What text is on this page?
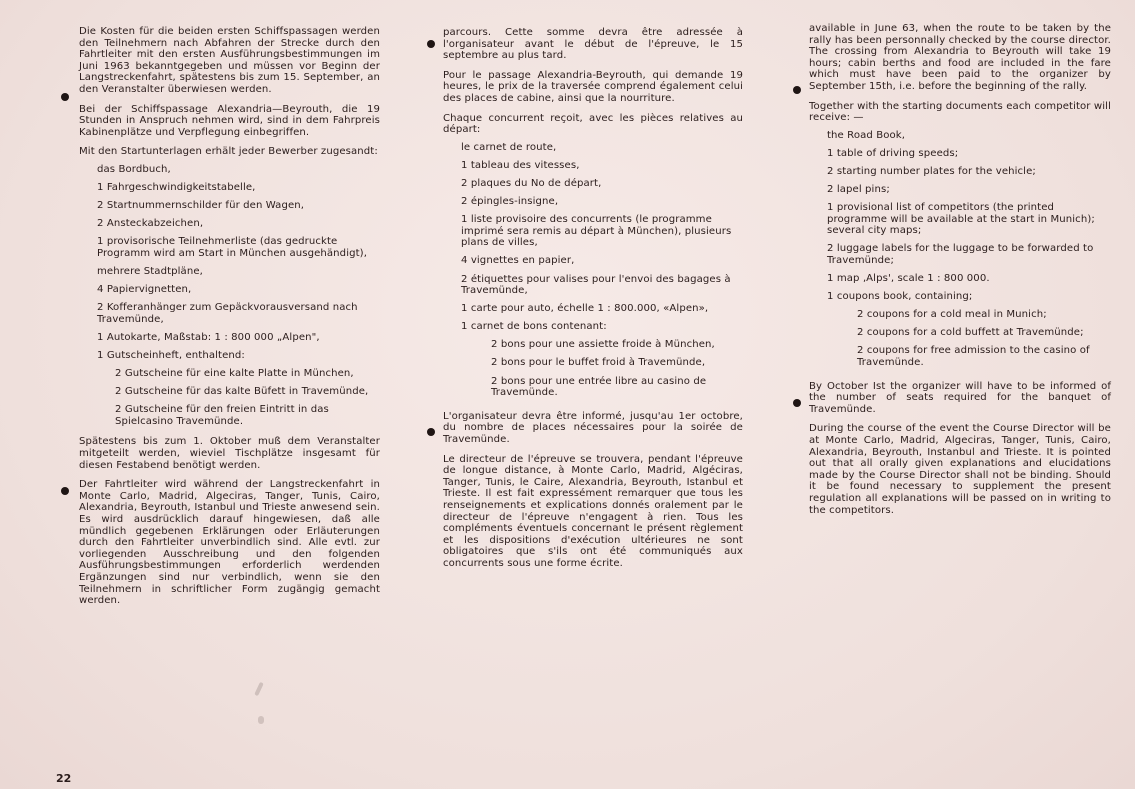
Die Kosten für die beiden ersten Schiffspassagen werden den Teilnehmern nach Abfahren der Strecke durch den Fahrtleiter mit den ersten Ausführungsbestimmungen im Juni 1963 bekanntgegeben und müssen vor Beginn der Langstreckenfahrt, spätestens bis zum 15. September, an den Veranstalter überwiesen werden.

Bei der Schiffspassage Alexandria—Beyrouth, die 19 Stunden in Anspruch nehmen wird, sind in dem Fahrpreis Kabinenplätze und Verpflegung einbegriffen.

Mit den Startunterlagen erhält jeder Bewerber zugesandt:

das Bordbuch,
1 Fahrgeschwindigkeitstabelle,
2 Startnummernschilder für den Wagen,
2 Ansteckabzeichen,
1 provisorische Teilnehmerliste (das gedruckte Programm wird am Start in München ausgehändigt),
mehrere Stadtpläne,
4 Papiervignetten,
2 Kofferanhänger zum Gepäckvorausversand nach Travemünde,
1 Autokarte, Maßstab: 1 : 800 000 „Alpen",
1 Gutscheinheft, enthaltend:
2 Gutscheine für eine kalte Platte in München,
2 Gutscheine für das kalte Büfett in Travemünde,
2 Gutscheine für den freien Eintritt in das Spielcasino Travemünde.

Spätestens bis zum 1. Oktober muß dem Veranstalter mitgeteilt werden, wieviel Tischplätze insgesamt für diesen Festabend benötigt werden.

Der Fahrtleiter wird während der Langstreckenfahrt in Monte Carlo, Madrid, Algeciras, Tanger, Tunis, Cairo, Alexandria, Beyrouth, Istanbul und Trieste anwesend sein. Es wird ausdrücklich darauf hingewiesen, daß alle mündlich gegebenen Erklärungen oder Erläuterungen durch den Fahrtleiter unverbindlich sind. Alle evtl. zur vorliegenden Ausschreibung und den folgenden Ausführungsbestimmungen erforderlich werdenden Ergänzungen sind nur verbindlich, wenn sie den Teilnehmern in schriftlicher Form zugängig gemacht werden.

parcours. Cette somme devra être adressée à l'organisateur avant le début de l'épreuve, le 15 septembre au plus tard.

Pour le passage Alexandria-Beyrouth, qui demande 19 heures, le prix de la traversée comprend également celui des places de cabine, ainsi que la nourriture.

Chaque concurrent reçoit, avec les pièces relatives au départ:

le carnet de route,
1 tableau des vitesses,
2 plaques du No de départ,
2 épingles-insigne,
1 liste provisoire des concurrents (le programme imprimé sera remis au départ à München), plusieurs plans de villes,
4 vignettes en papier,
2 étiquettes pour valises pour l'envoi des bagages à Travemünde,
1 carte pour auto, échelle 1 : 800.000, «Alpen»,
1 carnet de bons contenant:
2 bons pour une assiette froide à München,
2 bons pour le buffet froid à Travemünde,
2 bons pour une entrée libre au casino de Travemünde.

L'organisateur devra être informé, jusqu'au 1er octobre, du nombre de places nécessaires pour la soirée de Travemünde.

Le directeur de l'épreuve se trouvera, pendant l'épreuve de longue distance, à Monte Carlo, Madrid, Algéciras, Tanger, Tunis, le Caire, Alexandria, Beyrouth, Istanbul et Trieste. Il est fait expressément remarquer que tous les renseignements et explications donnés oralement par le directeur de l'épreuve n'engagent à rien. Tous les compléments éventuels concernant le présent règlement et les dispositions d'exécution ultérieures ne sont obligatoires que s'ils ont été communiqués aux concurrents sous une forme écrite.

available in June 63, when the route to be taken by the rally has been personnally checked by the course director. The crossing from Alexandria to Beyrouth will take 19 hours; cabin berths and food are included in the fare which must have been paid to the organizer by September 15th, i.e. before the beginning of the rally.

Together with the starting documents each competitor will receive: —

the Road Book,
1 table of driving speeds;
2 starting number plates for the vehicle;
2 lapel pins;
1 provisional list of competitors (the printed programme will be available at the start in Munich); several city maps;
2 luggage labels for the luggage to be forwarded to Travemünde;
1 map ‚Alps', scale 1 : 800 000.
1 coupons book, containing;
2 coupons for a cold meal in Munich;
2 coupons for a cold buffett at Travemünde;
2 coupons for free admission to the casino of Travemünde.

By October Ist the organizer will have to be informed of the number of seats required for the banquet of Travemünde.

During the course of the event the Course Director will be at Monte Carlo, Madrid, Algeciras, Tanger, Tunis, Cairo, Alexandria, Beyrouth, Instanbul and Trieste. It is pointed out that all orally given explanations and elucidations made by the Course Director shall not be binding. Should it be found necessary to supplement the present regulation all explanations will be passed on in writing to the competitors.

22
